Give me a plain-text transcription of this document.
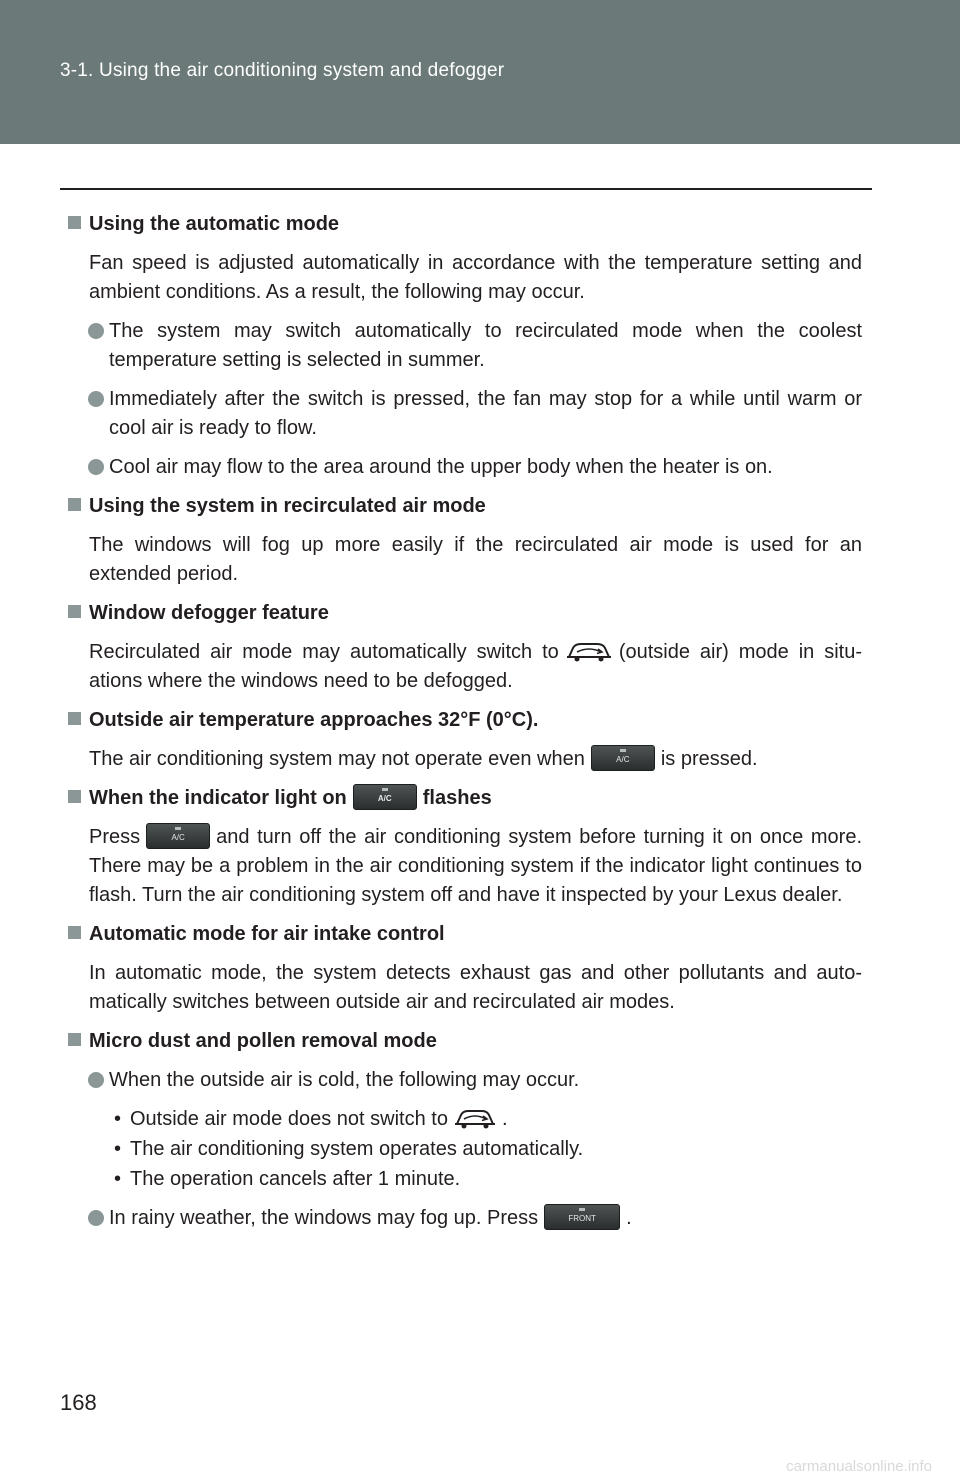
3-1. Using the air conditioning system and defogger
Using the automatic mode
Fan speed is adjusted automatically in accordance with the temperature setting and ambient conditions. As a result, the following may occur.
The system may switch automatically to recirculated mode when the coolest temperature setting is selected in summer.
Immediately after the switch is pressed, the fan may stop for a while until warm or cool air is ready to flow.
Cool air may flow to the area around the upper body when the heater is on.
Using the system in recirculated air mode
The windows will fog up more easily if the recirculated air mode is used for an extended period.
Window defogger feature
Recirculated air mode may automatically switch to	(outside air) mode in situ- ations where the windows need to be defogged.
Outside air temperature approaches 32°F (0°C).
The air conditioning system may not operate even when	A/C	is pressed.
When the indicator light on	A/C	flashes
Press	A/C	and turn off the air conditioning system before turning it on once more. There may be a problem in the air conditioning system if the indicator light continues to flash. Turn the air conditioning system off and have it inspected by your Lexus dealer.
Automatic mode for air intake control
In automatic mode, the system detects exhaust gas and other pollutants and auto- matically switches between outside air and recirculated air modes.
Micro dust and pollen removal mode
When the outside air is cold, the following may occur.
• Outside air mode does not switch to	.
• The air conditioning system operates automatically.
• The operation cancels after 1 minute.
In rainy weather, the windows may fog up. Press	FRONT	.
168
carmanualsonline.info
